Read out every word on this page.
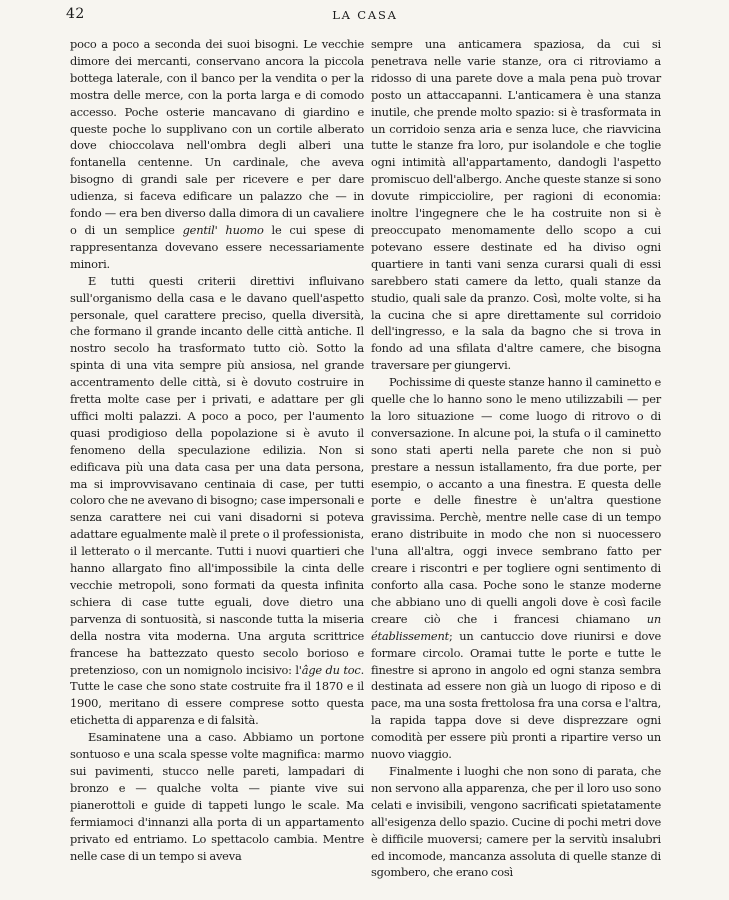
42	LA CASA

poco a poco a seconda dei suoi bisogni. Le vecchie dimore dei mercanti, conservano ancora la piccola bottega laterale, con il banco per la vendita o per la mostra delle merce, con la porta larga e di comodo accesso. Poche osterie mancavano di giardino e queste poche lo supplivano con un cortile alberato dove chioccolava nell'ombra degli alberi una fontanella centenne. Un cardinale, che aveva bisogno di grandi sale per ricevere e per dare udienza, si faceva edificare un palazzo che — in fondo — era ben diverso dalla dimora di un cavaliere o di un semplice gentil' huomo le cui spese di rappresentanza dovevano essere necessariamente minori.

E tutti questi criterii direttivi influivano sull'organismo della casa e le davano quell'aspetto personale, quel carattere preciso, quella diversità, che formano il grande incanto delle città antiche. Il nostro secolo ha trasformato tutto ciò. Sotto la spinta di una vita sempre più ansiosa, nel grande accentramento delle città, si è dovuto costruire in fretta molte case per i privati, e adattare per gli uffici molti palazzi. A poco a poco, per l'aumento quasi prodigioso della popolazione si è avuto il fenomeno della speculazione edilizia. Non si edificava più una data casa per una data persona, ma si improvvisavano centinaia di case, per tutti coloro che ne avevano di bisogno; case impersonali e senza carattere nei cui vani disadorni si poteva adattare egualmente malè il prete o il professionista, il letterato o il mercante. Tutti i nuovi quartieri che hanno allargato fino all'impossibile la cinta delle vecchie metropoli, sono formati da questa infinita schiera di case tutte eguali, dove dietro una parvenza di sontuosità, si nasconde tutta la miseria della nostra vita moderna. Una arguta scrittrice francese ha battezzato questo secolo borioso e pretenzioso, con un nomignolo incisivo: l'âge du toc. Tutte le case che sono state costruite fra il 1870 e il 1900, meritano di essere comprese sotto questa etichetta di apparenza e di falsità.

Esaminatene una a caso. Abbiamo un portone sontuoso e una scala spesse volte magnifica: marmo sui pavimenti, stucco nelle pareti, lampadari di bronzo e — qualche volta — piante vive sui pianerottoli e guide di tappeti lungo le scale. Ma fermiamoci d'innanzi alla porta di un appartamento privato ed entriamo. Lo spettacolo cambia. Mentre nelle case di un tempo si aveva

sempre una anticamera spaziosa, da cui si penetrava nelle varie stanze, ora ci ritroviamo a ridosso di una parete dove a mala pena può trovar posto un attaccapanni. L'anticamera è una stanza inutile, che prende molto spazio: si è trasformata in un corridoio senza aria e senza luce, che riavvicina tutte le stanze fra loro, pur isolandole e che toglie ogni intimità all'appartamento, dandogli l'aspetto promiscuo dell'albergo. Anche queste stanze si sono dovute rimpicciolire, per ragioni di economia: inoltre l'ingegnere che le ha costruite non si è preoccupato menomamente dello scopo a cui potevano essere destinate ed ha diviso ogni quartiere in tanti vani senza curarsi quali di essi sarebbero stati camere da letto, quali stanze da studio, quali sale da pranzo. Così, molte volte, si ha la cucina che si apre direttamente sul corridoio dell'ingresso, e la sala da bagno che si trova in fondo ad una sfilata d'altre camere, che bisogna traversare per giungervi.

Pochissime di queste stanze hanno il caminetto e quelle che lo hanno sono le meno utilizzabili — per la loro situazione — come luogo di ritrovo o di conversazione. In alcune poi, la stufa o il caminetto sono stati aperti nella parete che non si può prestare a nessun istallamento, fra due porte, per esempio, o accanto a una finestra. E questa delle porte e delle finestre è un'altra questione gravissima. Perchè, mentre nelle case di un tempo erano distribuite in modo che non si nuocessero l'una all'altra, oggi invece sembrano fatto per creare i riscontri e per togliere ogni sentimento di conforto alla casa. Poche sono le stanze moderne che abbiano uno di quelli angoli dove è così facile creare ciò che i francesi chiamano un établissement; un cantuccio dove riunirsi e dove formare circolo. Oramai tutte le porte e tutte le finestre si aprono in angolo ed ogni stanza sembra destinata ad essere non già un luogo di riposo e di pace, ma una sosta frettolosa fra una corsa e l'altra, la rapida tappa dove si deve disprezzare ogni comodità per essere più pronti a ripartire verso un nuovo viaggio.

Finalmente i luoghi che non sono di parata, che non servono alla apparenza, che per il loro uso sono celati e invisibili, vengono sacrificati spietatamente all'esigenza dello spazio. Cucine di pochi metri dove è difficile muoversi; camere per la servitù insalubri ed incomode, mancanza assoluta di quelle stanze di sgombero, che erano così
